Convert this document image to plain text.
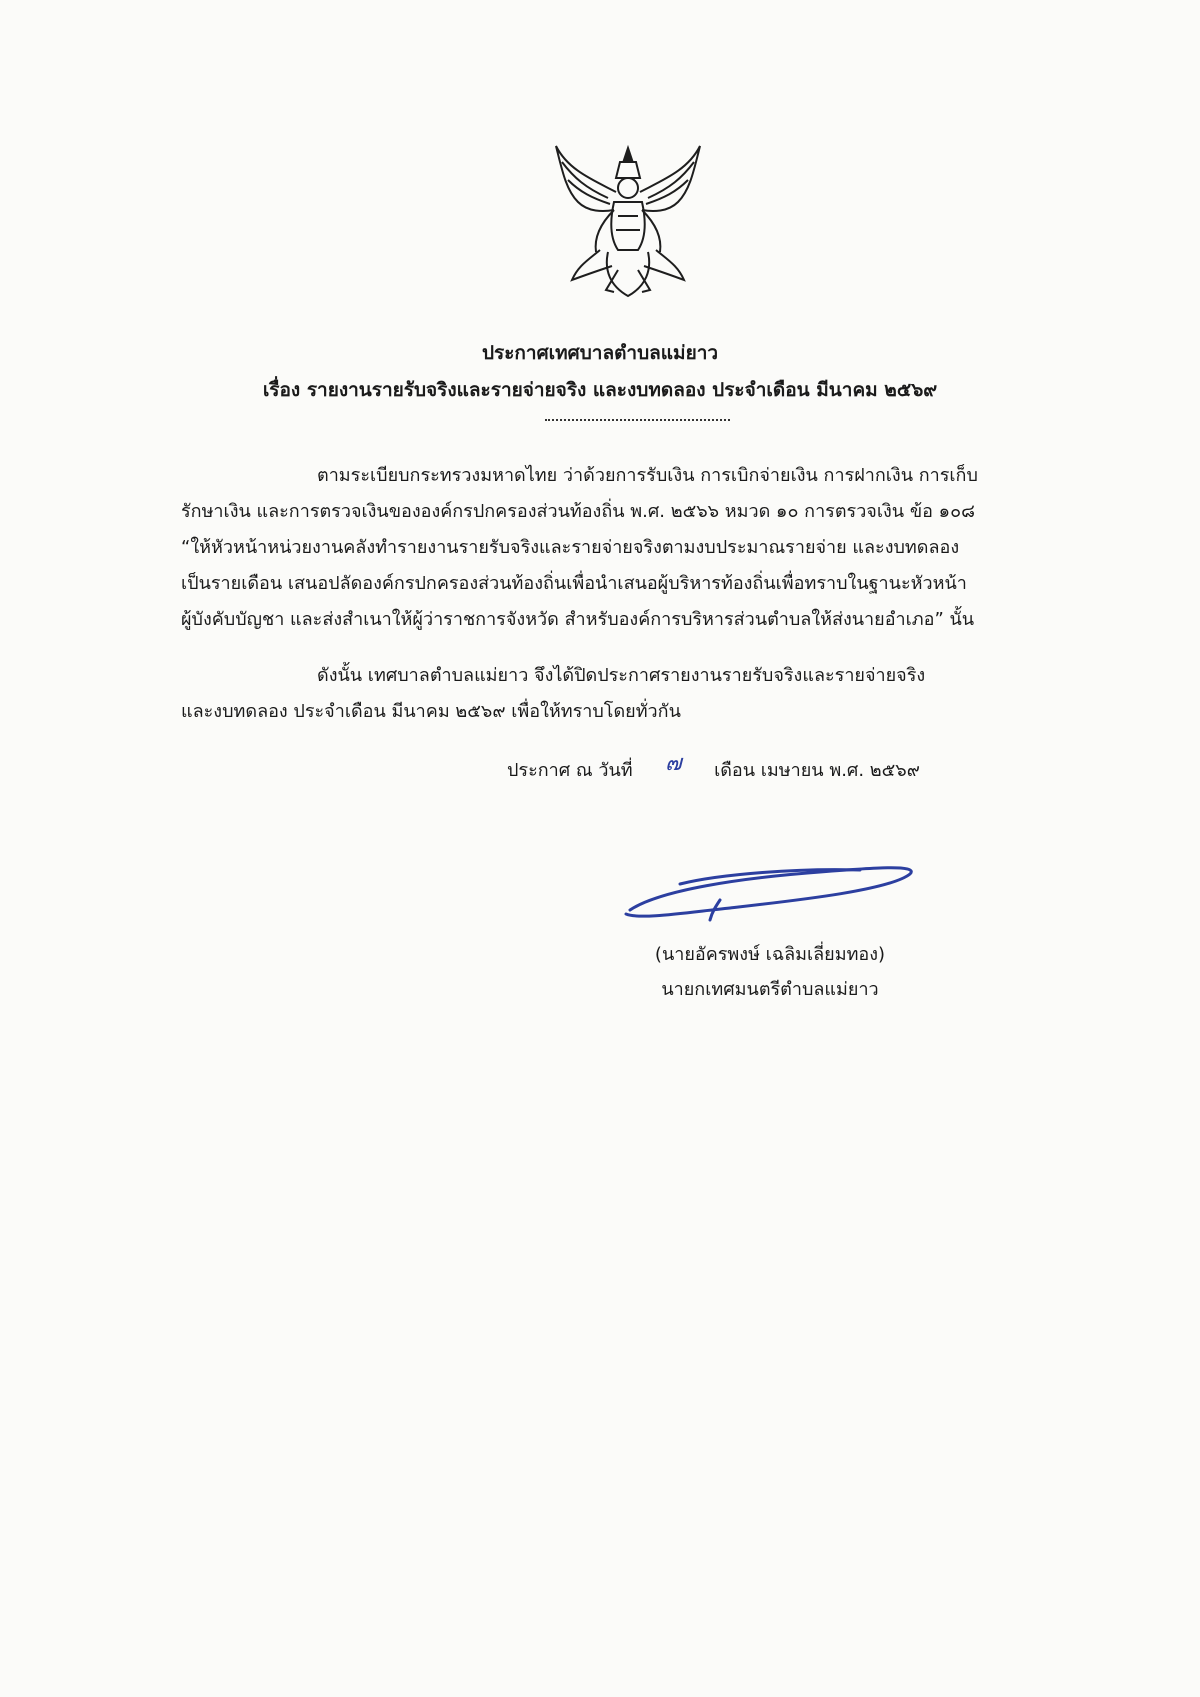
ประกาศเทศบาลตำบลแม่ยาว
เรื่อง รายงานรายรับจริงและรายจ่ายจริง และงบทดลอง ประจำเดือน มีนาคม ๒๕๖๙
ตามระเบียบกระทรวงมหาดไทย ว่าด้วยการรับเงิน การเบิกจ่ายเงิน การฝากเงิน การเก็บ
รักษาเงิน และการตรวจเงินขององค์กรปกครองส่วนท้องถิ่น พ.ศ. ๒๕๖๖ หมวด ๑๐ การตรวจเงิน ข้อ ๑๐๘
“ให้หัวหน้าหน่วยงานคลังทำรายงานรายรับจริงและรายจ่ายจริงตามงบประมาณรายจ่าย และงบทดลอง
เป็นรายเดือน เสนอปลัดองค์กรปกครองส่วนท้องถิ่นเพื่อนำเสนอผู้บริหารท้องถิ่นเพื่อทราบในฐานะหัวหน้า
ผู้บังคับบัญชา และส่งสำเนาให้ผู้ว่าราชการจังหวัด สำหรับองค์การบริหารส่วนตำบลให้ส่งนายอำเภอ” นั้น
ดังนั้น เทศบาลตำบลแม่ยาว จึงได้ปิดประกาศรายงานรายรับจริงและรายจ่ายจริง
และงบทดลอง ประจำเดือน มีนาคม ๒๕๖๙ เพื่อให้ทราบโดยทั่วกัน
ประกาศ ณ วันที่ ๗ เดือน เมษายน พ.ศ. ๒๕๖๙
(นายอัครพงษ์ เฉลิมเลี่ยมทอง)
นายกเทศมนตรีตำบลแม่ยาว
